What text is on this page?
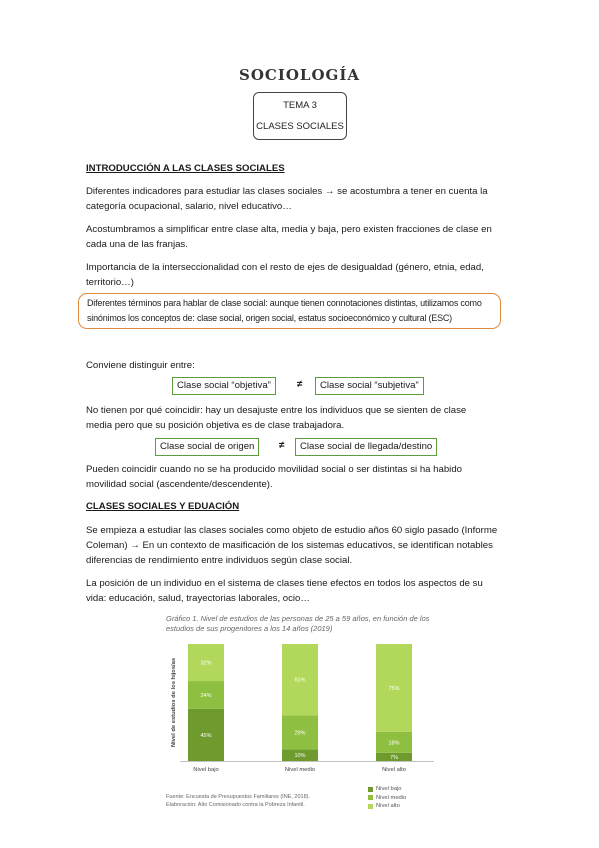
SOCIOLOGÍA
TEMA 3
CLASES SOCIALES
INTRODUCCIÓN A LAS CLASES SOCIALES
Diferentes indicadores para estudiar las clases sociales → se acostumbra a tener en cuenta la
categoría ocupacional, salario, nivel educativo…
Acostumbramos a simplificar entre clase alta, media y baja, pero existen fracciones de clase en
cada una de las franjas.
Importancia de la interseccionalidad con el resto de ejes de desigualdad (género, etnia, edad,
territorio…)
Diferentes términos para hablar de clase social: aunque tienen connotaciones distintas, utilizamos como
sinónimos los conceptos de: clase social, origen social, estatus socioeconómico y cultural (ESC)
Conviene distinguir entre:
Clase social “objetiva”	≠	Clase social “subjetiva”
No tienen por qué coincidir: hay un desajuste entre los individuos que se sienten de clase
media pero que su posición objetiva es de clase trabajadora.
Clase social de origen	≠	Clase social de llegada/destino
Pueden coincidir cuando no se ha producido movilidad social o ser distintas si ha habido
movilidad social (ascendente/descendente).
CLASES SOCIALES Y EDUACIÓN
Se empieza a estudiar las clases sociales como objeto de estudio años 60 siglo pasado (Informe
Coleman) → En un contexto de masificación de los sistemas educativos, se identifican notables
diferencias de rendimiento entre individuos según clase social.
La posición de un individuo en el sistema de clases tiene efectos en todos los aspectos de su
vida: educación, salud, trayectorias laborales, ocio…
Gráfico 1. Nivel de estudios de las personas de 25 a 59 años, en función de los
estudios de sus progenitores a los 14 años (2019)
Nivel de estudios de los hijos/as	45%
24%
32%
Nivel bajo
10%
29%
61%
Nivel medio
7%
18%
75%
Nivel alto
Fuente: Encuesta de Presupuestos Familiares (INE, 2018).
Elaboración: Alto Comisionado contra la Pobreza Infantil.
Nivel bajo
Nivel medio
Nivel alto
